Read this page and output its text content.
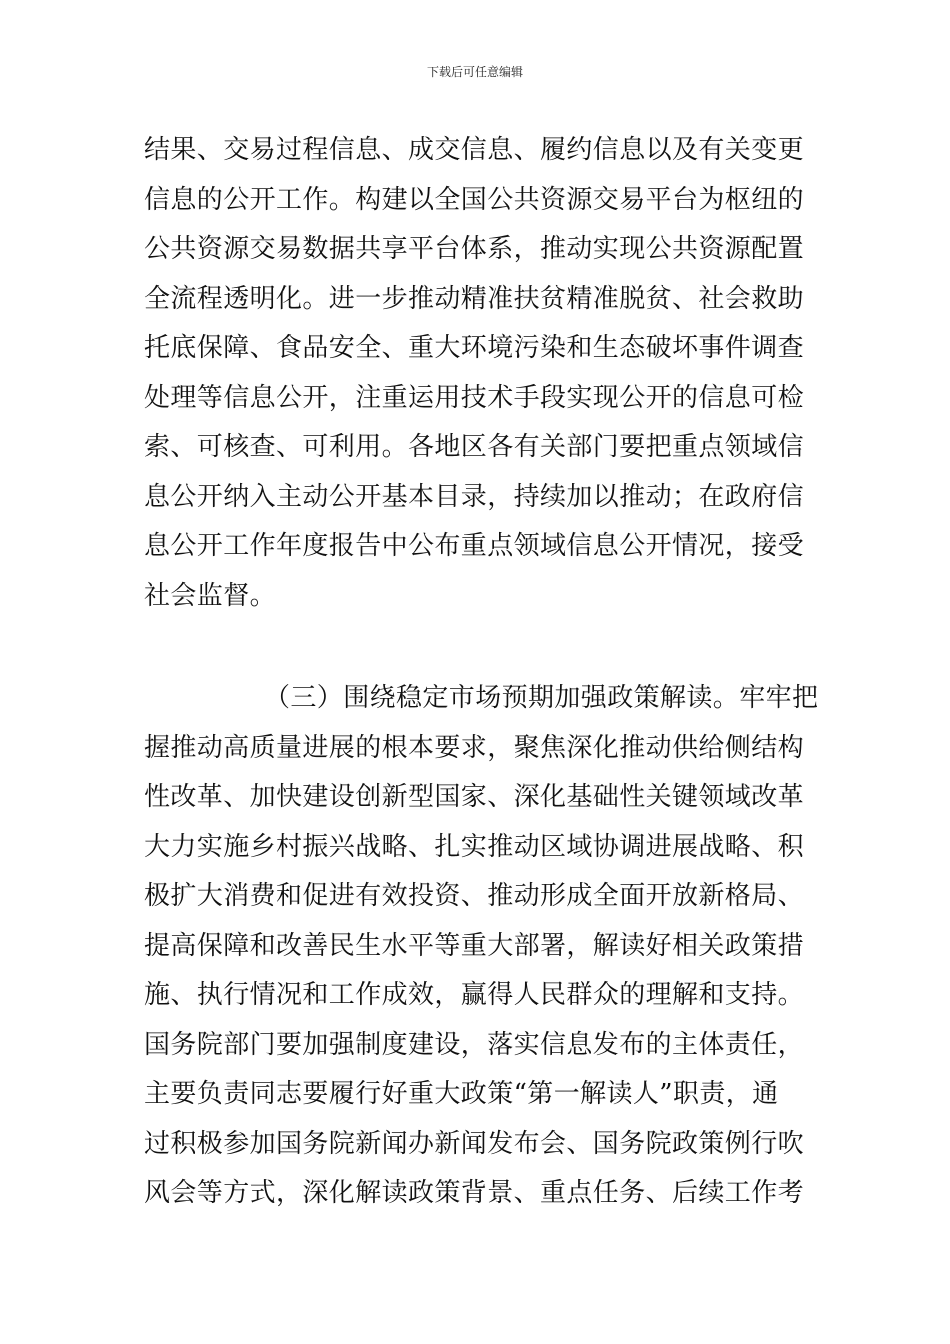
下载后可任意编辑

结果、交易过程信息、成交信息、履约信息以及有关变更
信息的公开工作。构建以全国公共资源交易平台为枢纽的
公共资源交易数据共享平台体系，推动实现公共资源配置
全流程透明化。进一步推动精准扶贫精准脱贫、社会救助
托底保障、食品安全、重大环境污染和生态破坏事件调查
处理等信息公开，注重运用技术手段实现公开的信息可检
索、可核查、可利用。各地区各有关部门要把重点领域信
息公开纳入主动公开基本目录，持续加以推动；在政府信
息公开工作年度报告中公布重点领域信息公开情况，接受
社会监督。

（三）围绕稳定市场预期加强政策解读。牢牢把
握推动高质量进展的根本要求，聚焦深化推动供给侧结构
性改革、加快建设创新型国家、深化基础性关键领域改革
大力实施乡村振兴战略、扎实推动区域协调进展战略、积
极扩大消费和促进有效投资、推动形成全面开放新格局、
提高保障和改善民生水平等重大部署，解读好相关政策措
施、执行情况和工作成效，赢得人民群众的理解和支持。
国务院部门要加强制度建设，落实信息发布的主体责任，
主要负责同志要履行好重大政策“第一解读人”职责，通
过积极参加国务院新闻办新闻发布会、国务院政策例行吹
风会等方式，深化解读政策背景、重点任务、后续工作考
